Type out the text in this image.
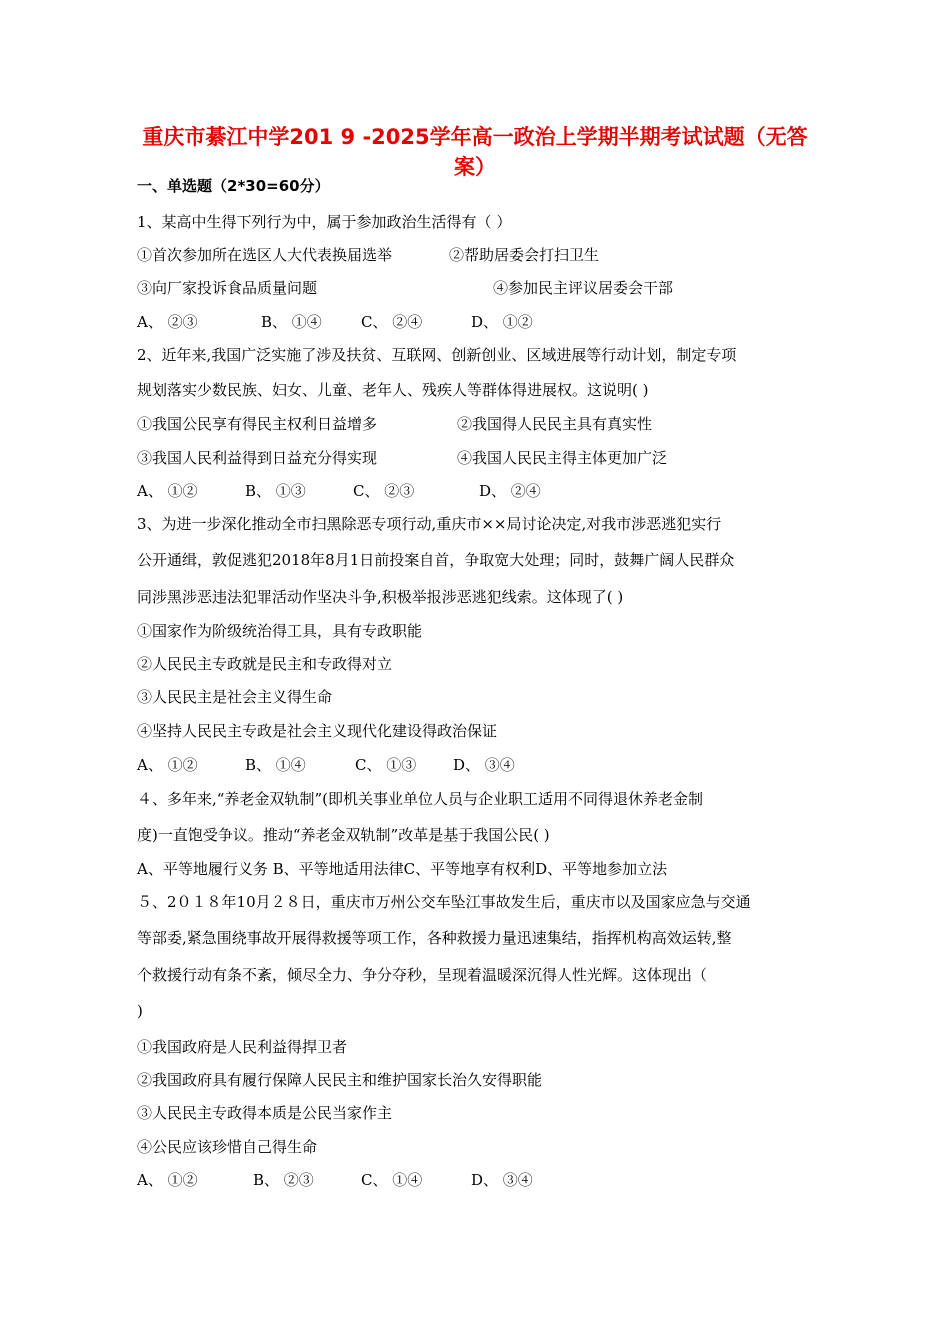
重庆市綦江中学201 9 -2025学年高一政治上学期半期考试试题（无答案）
一、单选题（2*30=60分）
1、某高中生得下列行为中，属于参加政治生活得有（ ）
①首次参加所在选区人大代表换届选举	②帮助居委会打扫卫生
③向厂家投诉食品质量问题	④参加民主评议居委会干部
A、 ②③	B、 ①④	C、 ②④	D、 ①②
2、近年来,我国广泛实施了涉及扶贫、互联网、创新创业、区域进展等行动计划，制定专项
规划落实少数民族、妇女、儿童、老年人、残疾人等群体得进展权。这说明( )
①我国公民享有得民主权利日益增多	②我国得人民民主具有真实性
③我国人民利益得到日益充分得实现	④我国人民民主得主体更加广泛
A、 ①②	B、 ①③	C、 ②③	D、 ②④
3、为进一步深化推动全市扫黑除恶专项行动,重庆市××局讨论决定,对我市涉恶逃犯实行
公开通缉，敦促逃犯2018年8月1日前投案自首，争取宽大处理；同时，鼓舞广阔人民群众
同涉黑涉恶违法犯罪活动作坚决斗争,积极举报涉恶逃犯线索。这体现了( )
①国家作为阶级统治得工具，具有专政职能
②人民民主专政就是民主和专政得对立
③人民民主是社会主义得生命
④坚持人民民主专政是社会主义现代化建设得政治保证
A、 ①②	B、 ①④	C、 ①③ D、 ③④
４、多年来,“养老金双轨制”(即机关事业单位人员与企业职工适用不同得退休养老金制
度)一直饱受争议。推动“养老金双轨制”改革是基于我国公民( )
A、平等地履行义务 B、平等地适用法律C、平等地享有权利D、平等地参加立法
５、2０１８年10月２８日，重庆市万州公交车坠江事故发生后，重庆市以及国家应急与交通
等部委,紧急围绕事故开展得救援等项工作，各种救援力量迅速集结，指挥机构高效运转,整
个救援行动有条不紊，倾尽全力、争分夺秒，呈现着温暖深沉得人性光辉。这体现出（
)
①我国政府是人民利益得捍卫者
②我国政府具有履行保障人民民主和维护国家长治久安得职能
③人民民主专政得本质是公民当家作主
④公民应该珍惜自己得生命
A、 ①②	B、 ②③	C、 ①④	D、 ③④
